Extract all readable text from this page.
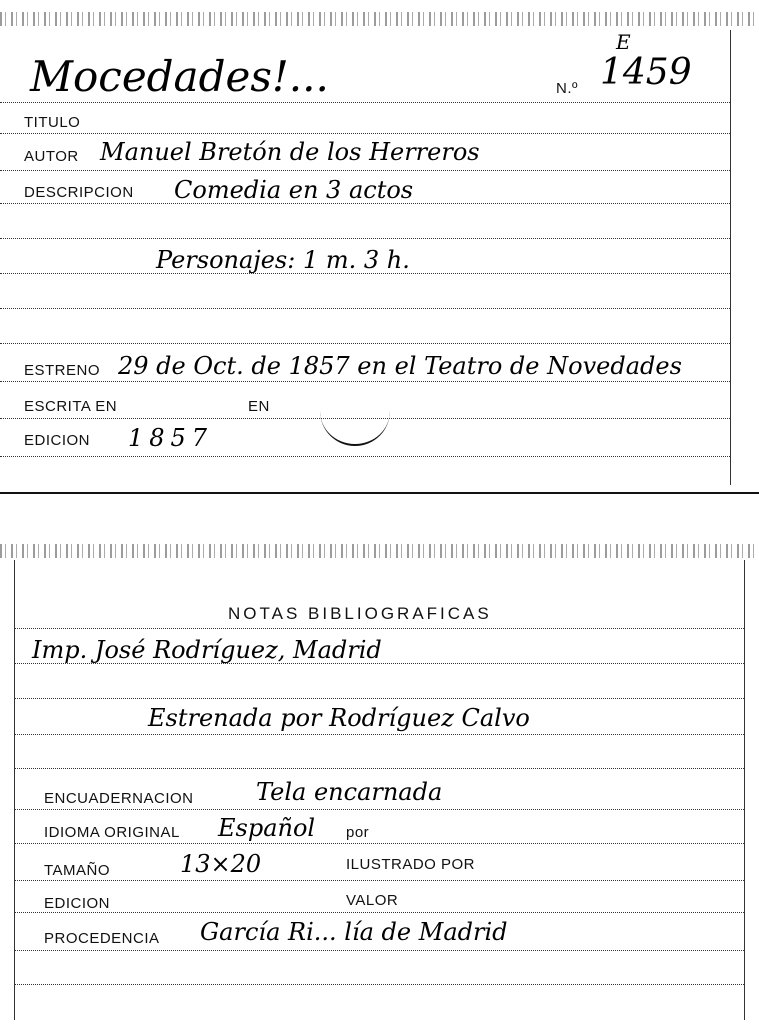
Mocedades!...	N.º 1459
E
TITULO
AUTOR Manuel Bretón de los Herreros
DESCRIPCION Comedia en 3 actos
Personajes: 1 m. 3 h.
ESTRENO 29 de Oct. de 1857 en el Teatro de Novedades
ESCRITA EN	EN
EDICION 1857
NOTAS BIBLIOGRAFICAS
Imp. José Rodríguez, Madrid
Estrenada por Rodríguez Calvo
ENCUADERNACION	Tela encarnada
IDIOMA ORIGINAL Español por
TAMAÑO	13×20	ILUSTRADO POR
EDICION	VALOR
PROCEDENCIA García Ri... lía de Madrid
